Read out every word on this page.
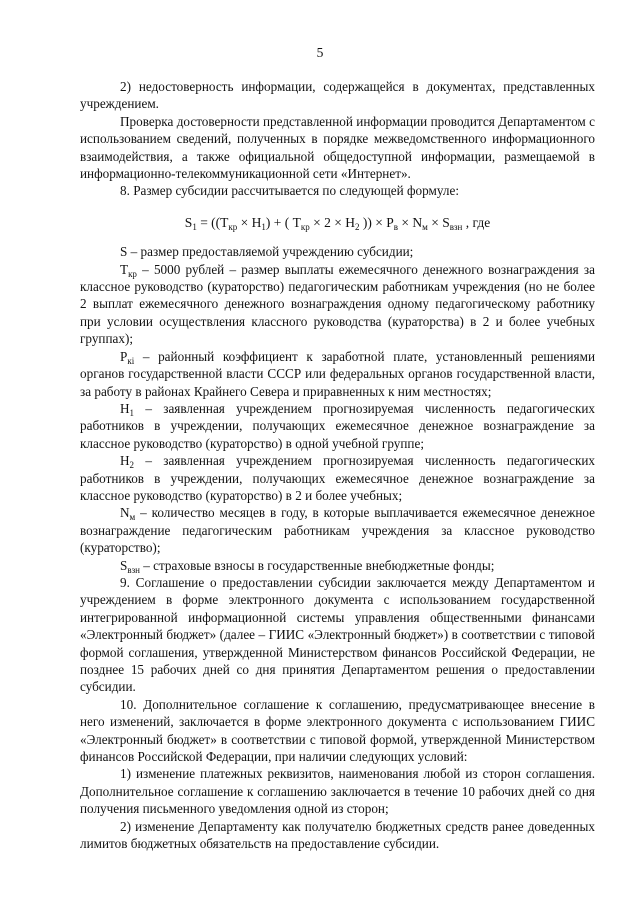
5

2) недостоверность информации, содержащейся в документах, представленных учреждением.

Проверка достоверности представленной информации проводится Департаментом с использованием сведений, полученных в порядке межведомственного информационного взаимодействия, а также официальной общедоступной информации, размещаемой в информационно-телекоммуникационной сети «Интернет».

8. Размер субсидии рассчитывается по следующей формуле:

$S_1 = ((Т_{кр} \times Н_1)$ + ( $Т_{кр} \times 2 \times Н_2$ )) × $Р_в \times N_м \times S_{взн}$ , где

S – размер предоставляемой учреждению субсидии;

$Т_{кр} - 5000$ рублей – размер выплаты ежемесячного денежного вознаграждения за классное руководство (кураторство) педагогическим работникам учреждения (но не более 2 выплат ежемесячного денежного вознаграждения одному педагогическому работнику при условии осуществления классного руководства (кураторства) в 2 и более учебных группах);

$Р_{кі}$ – районный коэффициент к заработной плате, установленный решениями органов государственной власти СССР или федеральных органов государственной власти, за работу в районах Крайнего Севера и приравненных к ним местностях;

$Н_1$ – заявленная учреждением прогнозируемая численность педагогических работников в учреждении, получающих ежемесячное денежное вознаграждение за классное руководство (кураторство) в одной учебной группе;

$Н_2$ – заявленная учреждением прогнозируемая численность педагогических работников в учреждении, получающих ежемесячное денежное вознаграждение за классное руководство (кураторство) в 2 и более учебных;

$N_м$ – количество месяцев в году, в которые выплачивается ежемесячное денежное вознаграждение педагогическим работникам учреждения за классное руководство (кураторство);

$S_{взн}$ – страховые взносы в государственные внебюджетные фонды;

9. Соглашение о предоставлении субсидии заключается между Департаментом и учреждением в форме электронного документа с использованием государственной интегрированной информационной системы управления общественными финансами «Электронный бюджет» (далее – ГИИС «Электронный бюджет») в соответствии с типовой формой соглашения, утвержденной Министерством финансов Российской Федерации, не позднее 15 рабочих дней со дня принятия Департаментом решения о предоставлении субсидии.

10. Дополнительное соглашение к соглашению, предусматривающее внесение в него изменений, заключается в форме электронного документа с использованием ГИИС «Электронный бюджет» в соответствии с типовой формой, утвержденной Министерством финансов Российской Федерации, при наличии следующих условий:

1) изменение платежных реквизитов, наименования любой из сторон соглашения. Дополнительное соглашение к соглашению заключается в течение 10 рабочих дней со дня получения письменного уведомления одной из сторон;

2) изменение Департаменту как получателю бюджетных средств ранее доведенных лимитов бюджетных обязательств на предоставление субсидии.
